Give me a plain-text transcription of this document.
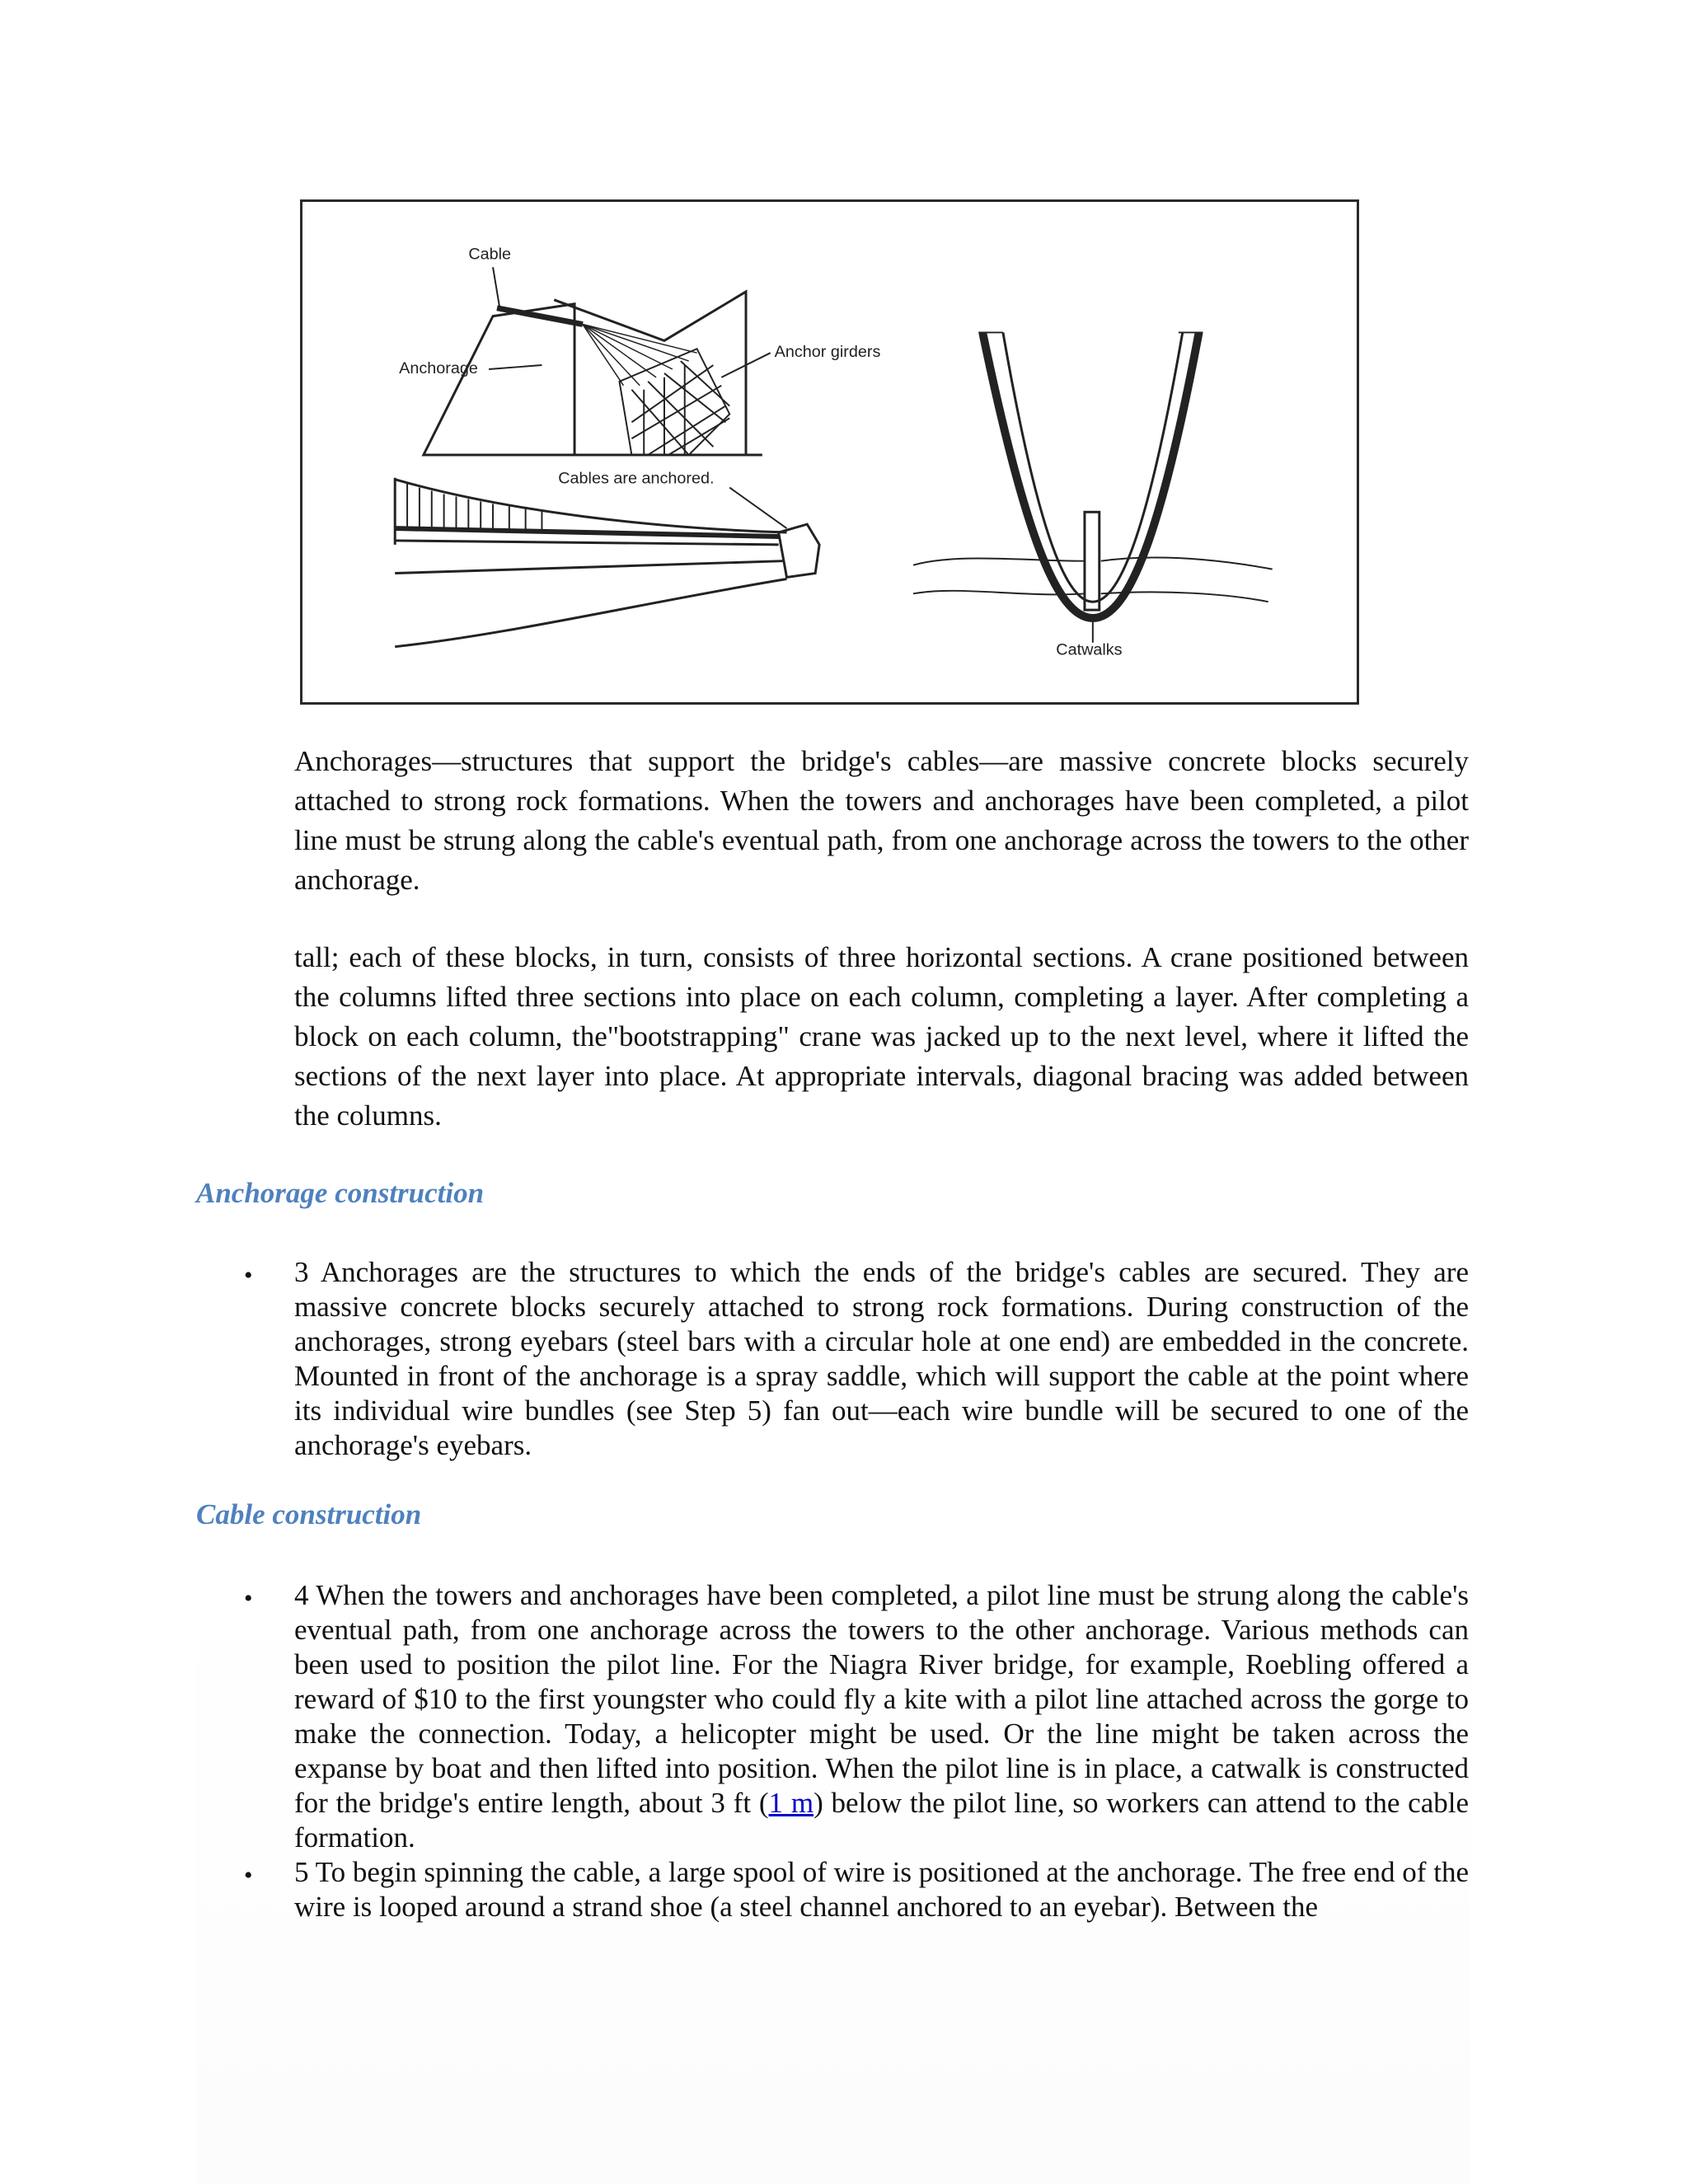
Cable
Anchorage
Anchor girders
Cables are anchored.
Catwalks

Anchorages—structures that support the bridge's cables—are massive concrete blocks securely attached to strong rock formations. When the towers and anchorages have been completed, a pilot line must be strung along the cable's eventual path, from one anchorage across the towers to the other anchorage.

tall; each of these blocks, in turn, consists of three horizontal sections. A crane positioned between the columns lifted three sections into place on each column, completing a layer. After completing a block on each column, the"bootstrapping" crane was jacked up to the next level, where it lifted the sections of the next layer into place. At appropriate intervals, diagonal bracing was added between the columns.

Anchorage construction
• 3 Anchorages are the structures to which the ends of the bridge's cables are secured. They are massive concrete blocks securely attached to strong rock formations. During construction of the anchorages, strong eyebars (steel bars with a circular hole at one end) are embedded in the concrete. Mounted in front of the anchorage is a spray saddle, which will support the cable at the point where its individual wire bundles (see Step 5) fan out—each wire bundle will be secured to one of the anchorage's eyebars.

Cable construction
• 4 When the towers and anchorages have been completed, a pilot line must be strung along the cable's eventual path, from one anchorage across the towers to the other anchorage. Various methods can been used to position the pilot line. For the Niagra River bridge, for example, Roebling offered a reward of $10 to the first youngster who could fly a kite with a pilot line attached across the gorge to make the connection. Today, a helicopter might be used. Or the line might be taken across the expanse by boat and then lifted into position. When the pilot line is in place, a catwalk is constructed for the bridge's entire length, about 3 ft (1 m) below the pilot line, so workers can attend to the cable formation.

• 5 To begin spinning the cable, a large spool of wire is positioned at the anchorage. The free end of the wire is looped around a strand shoe (a steel channel anchored to an eyebar). Between the
